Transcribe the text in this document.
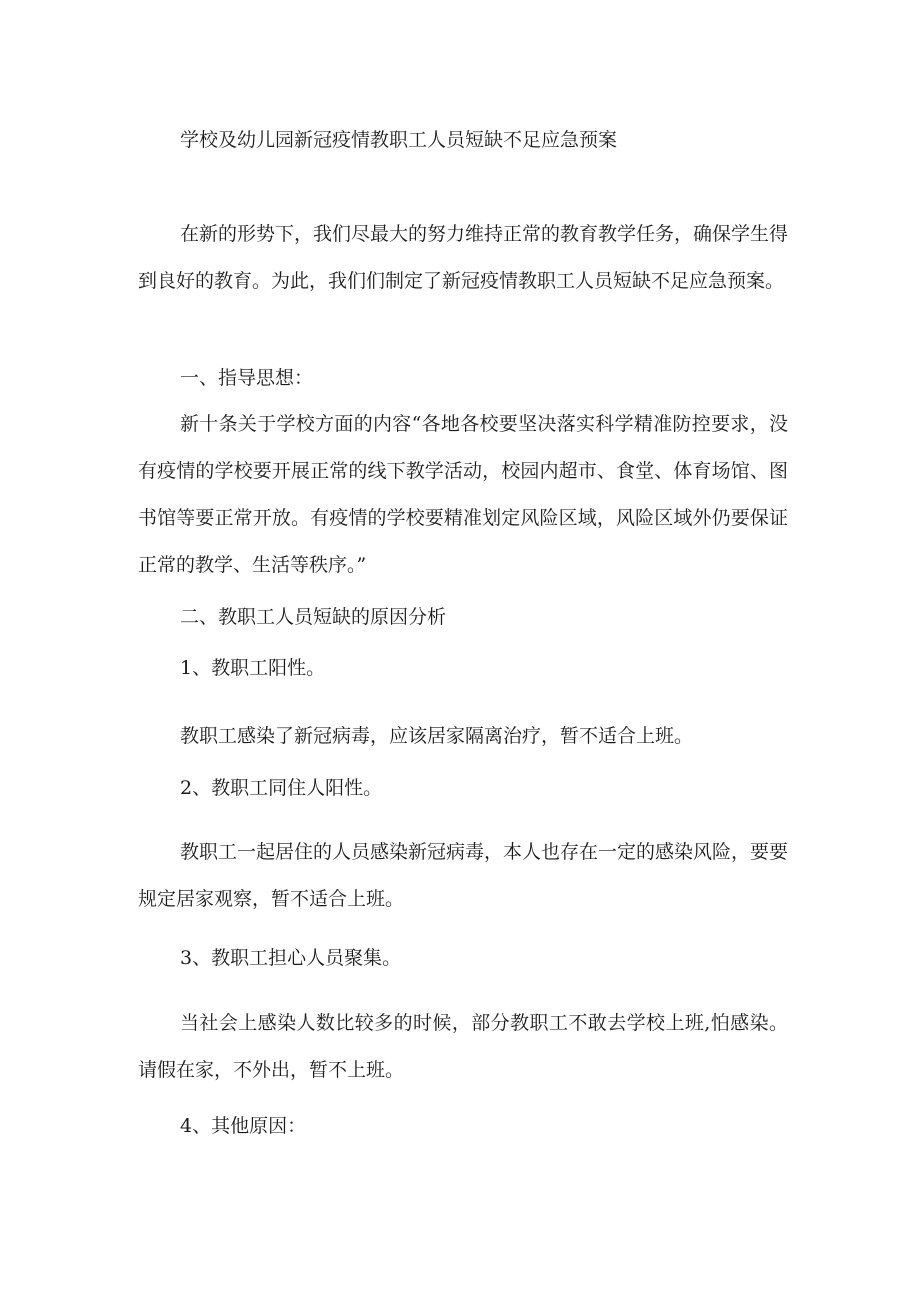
学校及幼儿园新冠疫情教职工人员短缺不足应急预案

在新的形势下，我们尽最大的努力维持正常的教育教学任务，确保学生得到良好的教育。为此，我们们制定了新冠疫情教职工人员短缺不足应急预案。

一、指导思想：

新十条关于学校方面的内容“各地各校要坚决落实科学精准防控要求，没有疫情的学校要开展正常的线下教学活动，校园内超市、食堂、体育场馆、图书馆等要正常开放。有疫情的学校要精准划定风险区域，风险区域外仍要保证正常的教学、生活等秩序。”

二、教职工人员短缺的原因分析

1、教职工阳性。

教职工感染了新冠病毒，应该居家隔离治疗，暂不适合上班。

2、教职工同住人阳性。

教职工一起居住的人员感染新冠病毒，本人也存在一定的感染风险，要要规定居家观察，暂不适合上班。

3、教职工担心人员聚集。

当社会上感染人数比较多的时候，部分教职工不敢去学校上班,怕感染。请假在家，不外出，暂不上班。

4、其他原因：
